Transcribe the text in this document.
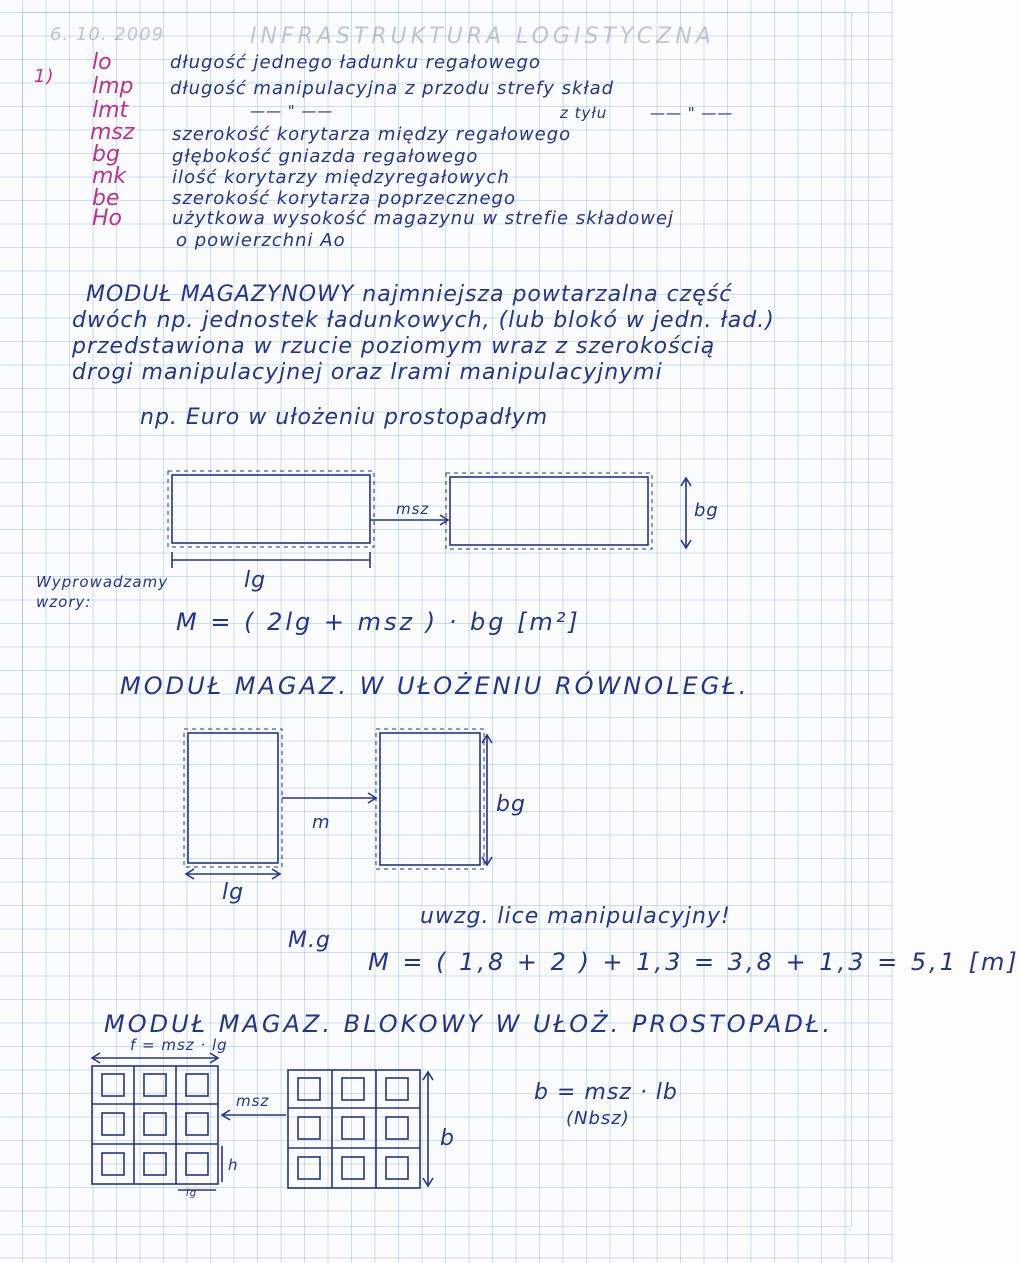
INFRASTRUKTURA LOGISTYCZNA
6. 10. 2009
1)
lo
lmp
lmt
msz
bg
mk
be
Ho
długość jednego ładunku regałowego
długość manipulacyjna z przodu strefy skład
z tyłu
—— " ——	—— " ——
szerokość korytarza między regałowego
głębokość gniazda regałowego
ilość korytarzy międzyregałowych
szerokość korytarza poprzecznego
użytkowa wysokość magazynu w strefie składowej
o powierzchni Ao
MODUŁ MAGAZYNOWY najmniejsza powtarzalna część
dwóch np. jednostek ładunkowych, (lub blokó w jedn. ład.)
przedstawiona w rzucie poziomym wraz z szerokością
drogi manipulacyjnej oraz lrami manipulacyjnymi
np. Euro w ułożeniu prostopadłym
msz	bg
lg
Wyprowadzamy wzory:
M = ( 2lg + msz ) · bg [m²]
MODUŁ MAGAZ. W UŁOŻENIU RÓWNOLEGŁ.
m
bg
lg
uwzg. lice manipulacyjny!
M.g
M = ( 1,8 + 2 ) + 1,3 = 3,8 + 1,3 = 5,1 [m]
MODUŁ MAGAZ. BLOKOWY W UŁOŻ. PROSTOPADŁ.
f = msz · lg
msz
b
h
lg
b = msz · lb
(Nbsz)
